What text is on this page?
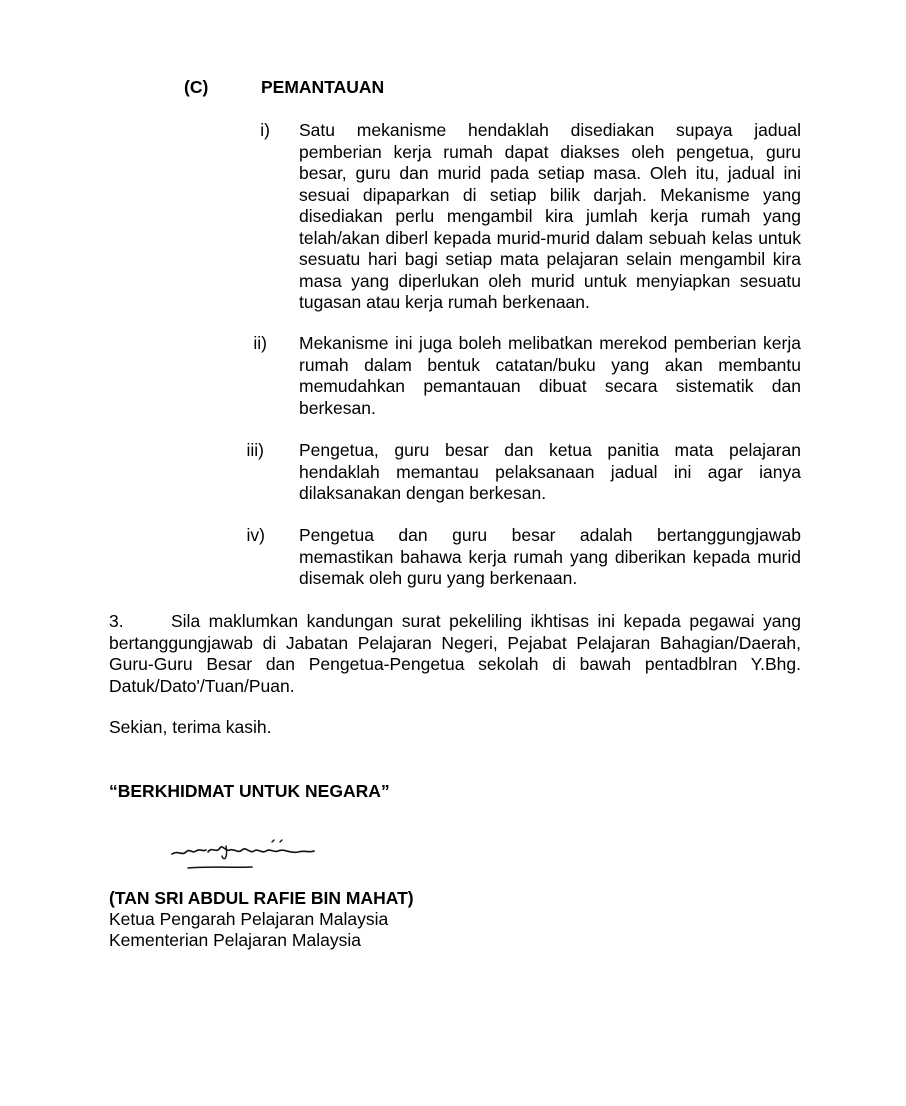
(C)	PEMANTAUAN
i) Satu mekanisme hendaklah disediakan supaya jadual pemberian kerja rumah dapat diakses oleh pengetua, guru besar, guru dan murid pada setiap masa. Oleh itu, jadual ini sesuai dipaparkan di setiap bilik darjah. Mekanisme yang disediakan perlu mengambil kira jumlah kerja rumah yang telah/akan diberl kepada murid-murid dalam sebuah kelas untuk sesuatu hari bagi setiap mata pelajaran selain mengambil kira masa yang diperlukan oleh murid untuk menyiapkan sesuatu tugasan atau kerja rumah berkenaan.
ii) Mekanisme ini juga boleh melibatkan merekod pemberian kerja rumah dalam bentuk catatan/buku yang akan membantu memudahkan pemantauan dibuat secara sistematik dan berkesan.
iii) Pengetua, guru besar dan ketua panitia mata pelajaran hendaklah memantau pelaksanaan jadual ini agar ianya dilaksanakan dengan berkesan.
iv) Pengetua dan guru besar adalah bertanggungjawab memastikan bahawa kerja rumah yang diberikan kepada murid disemak oleh guru yang berkenaan.
3.	Sila maklumkan kandungan surat pekeliling ikhtisas ini kepada pegawai yang bertanggungjawab di Jabatan Pelajaran Negeri, Pejabat Pelajaran Bahagian/Daerah, Guru-Guru Besar dan Pengetua-Pengetua sekolah di bawah pentadblran Y.Bhg. Datuk/Dato'/Tuan/Puan.
Sekian, terima kasih.
“BERKHIDMAT UNTUK NEGARA”
(TAN SRI ABDUL RAFIE BIN MAHAT)
Ketua Pengarah Pelajaran Malaysia
Kementerian Pelajaran Malaysia
